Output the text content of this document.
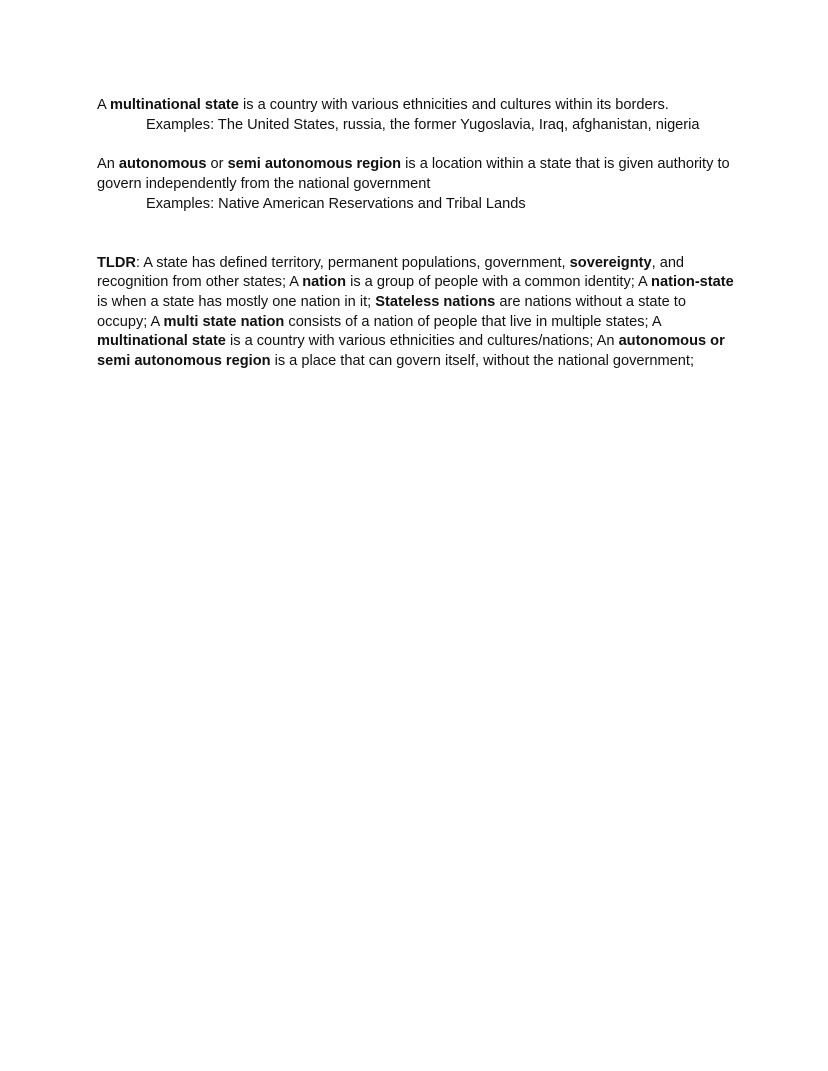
A multinational state is a country with various ethnicities and cultures within its borders.

Examples: The United States, russia, the former Yugoslavia, Iraq, afghanistan, nigeria

An autonomous or semi autonomous region is a location within a state that is given authority to govern independently from the national government

Examples: Native American Reservations and Tribal Lands

TLDR: A state has defined territory, permanent populations, government, sovereignty, and recognition from other states; A nation is a group of people with a common identity; A nation-state is when a state has mostly one nation in it; Stateless nations are nations without a state to occupy; A multi state nation consists of a nation of people that live in multiple states; A multinational state is a country with various ethnicities and cultures/nations; An autonomous or semi autonomous region is a place that can govern itself, without the national government;
